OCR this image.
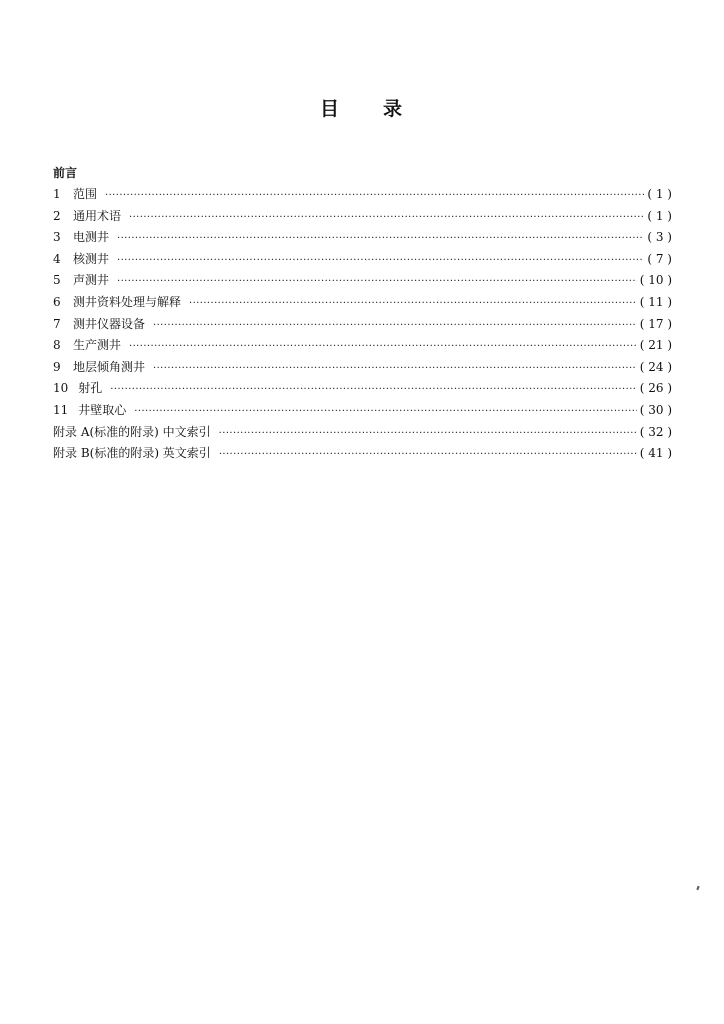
目 录
前言
1	范围 ·····	( 1 )
2	通用术语 ·····	( 1 )
3	电测井 ·····	( 3 )
4	核测井 ·····	( 7 )
5	声测井 ·····	( 10 )
6	测井资料处理与解释 ·····	( 11 )
7	测井仪器设备 ·····	( 17 )
8	生产测井 ·····	( 21 )
9	地层倾角测井 ·····	( 24 )
10 射孔 ·····	( 26 )
11 井壁取心 ·····	( 30 )
附录 A(标准的附录) 中文索引 ·····	( 32 )
附录 B(标准的附录) 英文索引 ·····	( 41 )
